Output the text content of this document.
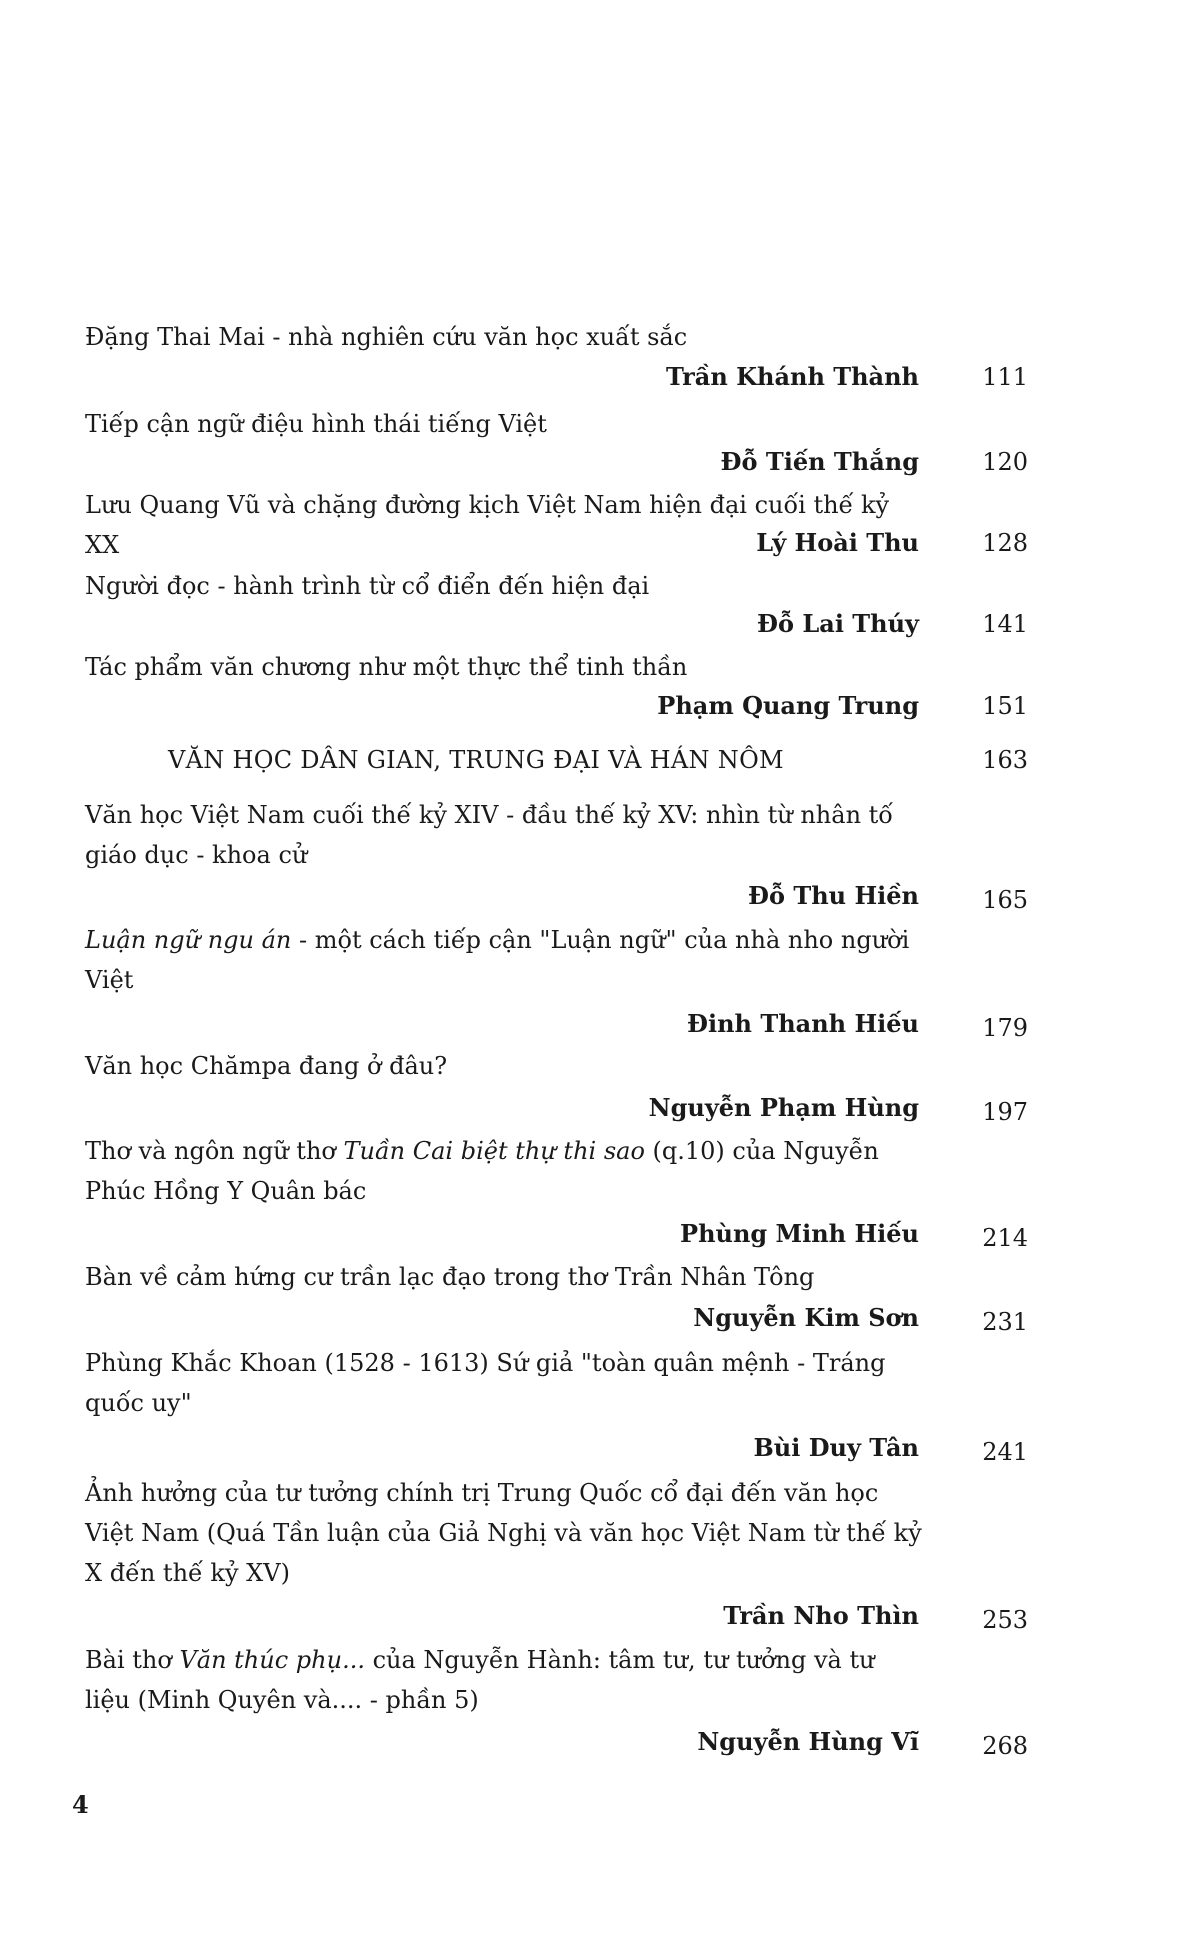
Đặng Thai Mai - nhà nghiên cứu văn học xuất sắc

Trần Khánh Thành	111

Tiếp cận ngữ điệu hình thái tiếng Việt

Đỗ Tiến Thắng	120

Lưu Quang Vũ và chặng đường kịch Việt Nam hiện đại cuối thế kỷ XX	Lý Hoài Thu	128

Người đọc - hành trình từ cổ điển đến hiện đại

Đỗ Lai Thúy	141

Tác phẩm văn chương như một thực thể tinh thần

Phạm Quang Trung	151
VĂN HỌC DÂN GIAN, TRUNG ĐẠI VÀ HÁN NÔM	163

Văn học Việt Nam cuối thế kỷ XIV - đầu thế kỷ XV: nhìn từ nhân tố giáo dục - khoa cử

Đỗ Thu Hiền	165

Luận ngữ ngu án - một cách tiếp cận "Luận ngữ" của nhà nho người Việt

Đinh Thanh Hiếu	179

Văn học Chămpa đang ở đâu?

Nguyễn Phạm Hùng	197

Thơ và ngôn ngữ thơ Tuần Cai biệt thự thi sao (q.10) của Nguyễn Phúc Hồng Y Quân bác

Phùng Minh Hiếu	214

Bàn về cảm hứng cư trần lạc đạo trong thơ Trần Nhân Tông

Nguyễn Kim Sơn	231

Phùng Khắc Khoan (1528 - 1613) Sứ giả "toàn quân mệnh - Tráng quốc uy"

Bùi Duy Tân	241

Ảnh hưởng của tư tưởng chính trị Trung Quốc cổ đại đến văn học Việt Nam (Quá Tần luận của Giả Nghị và văn học Việt Nam từ thế kỷ X đến thế kỷ XV)

Trần Nho Thìn	253

Bài thơ Văn thúc phụ... của Nguyễn Hành: tâm tư, tư tưởng và tư liệu (Minh Quyên và.... - phần 5)

Nguyễn Hùng Vĩ	268
4
